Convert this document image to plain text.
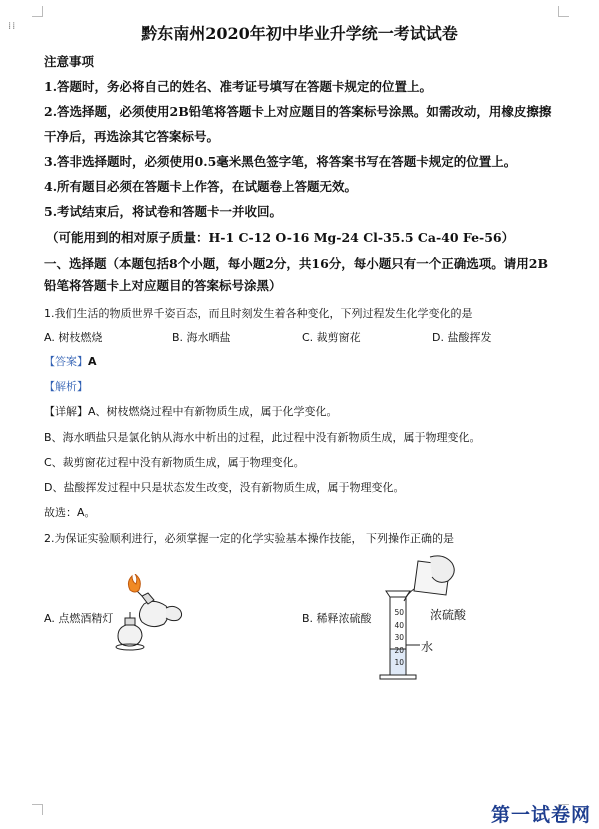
⁞⁞	黔东南州2020年初中毕业升学统一考试试卷
注意事项
1.答题时，务必将自己的姓名、准考证号填写在答题卡规定的位置上。
2.答选择题，必须使用2B铅笔将答题卡上对应题目的答案标号涂黑。如需改动，用橡皮擦擦
干净后，再选涂其它答案标号。
3.答非选择题时，必须使用0.5毫米黑色签字笔，将答案书写在答题卡规定的位置上。
4.所有题目必须在答题卡上作答，在试题卷上答题无效。
5.考试结束后，将试卷和答题卡一并收回。
（可能用到的相对原子质量：H-1 C-12 O-16 Mg-24 Cl-35.5 Ca-40 Fe-56）
一、选择题（本题包括8个小题，每小题2分，共16分，每小题只有一个正确选项。请用2B
铅笔将答题卡上对应题目的答案标号涂黑）
1.我们生活的物质世界千姿百态，而且时刻发生着各种变化，下列过程发生化学变化的是
A. 树枝燃烧	B. 海水晒盐	C. 裁剪窗花	D. 盐酸挥发
【答案】A
【解析】
【详解】A、树枝燃烧过程中有新物质生成，属于化学变化。
B、海水晒盐只是氯化钠从海水中析出的过程，此过程中没有新物质生成，属于物理变化。
C、裁剪窗花过程中没有新物质生成，属于物理变化。
D、盐酸挥发过程中只是状态发生改变，没有新物质生成，属于物理变化。
故选：A。
2.为保证实验顺利进行，必须掌握一定的化学实验基本操作技能， 下列操作正确的是
A. 点燃酒精灯	B. 稀释浓硫酸	50
40
30
20
10
浓硫酸
水
第一试卷网
